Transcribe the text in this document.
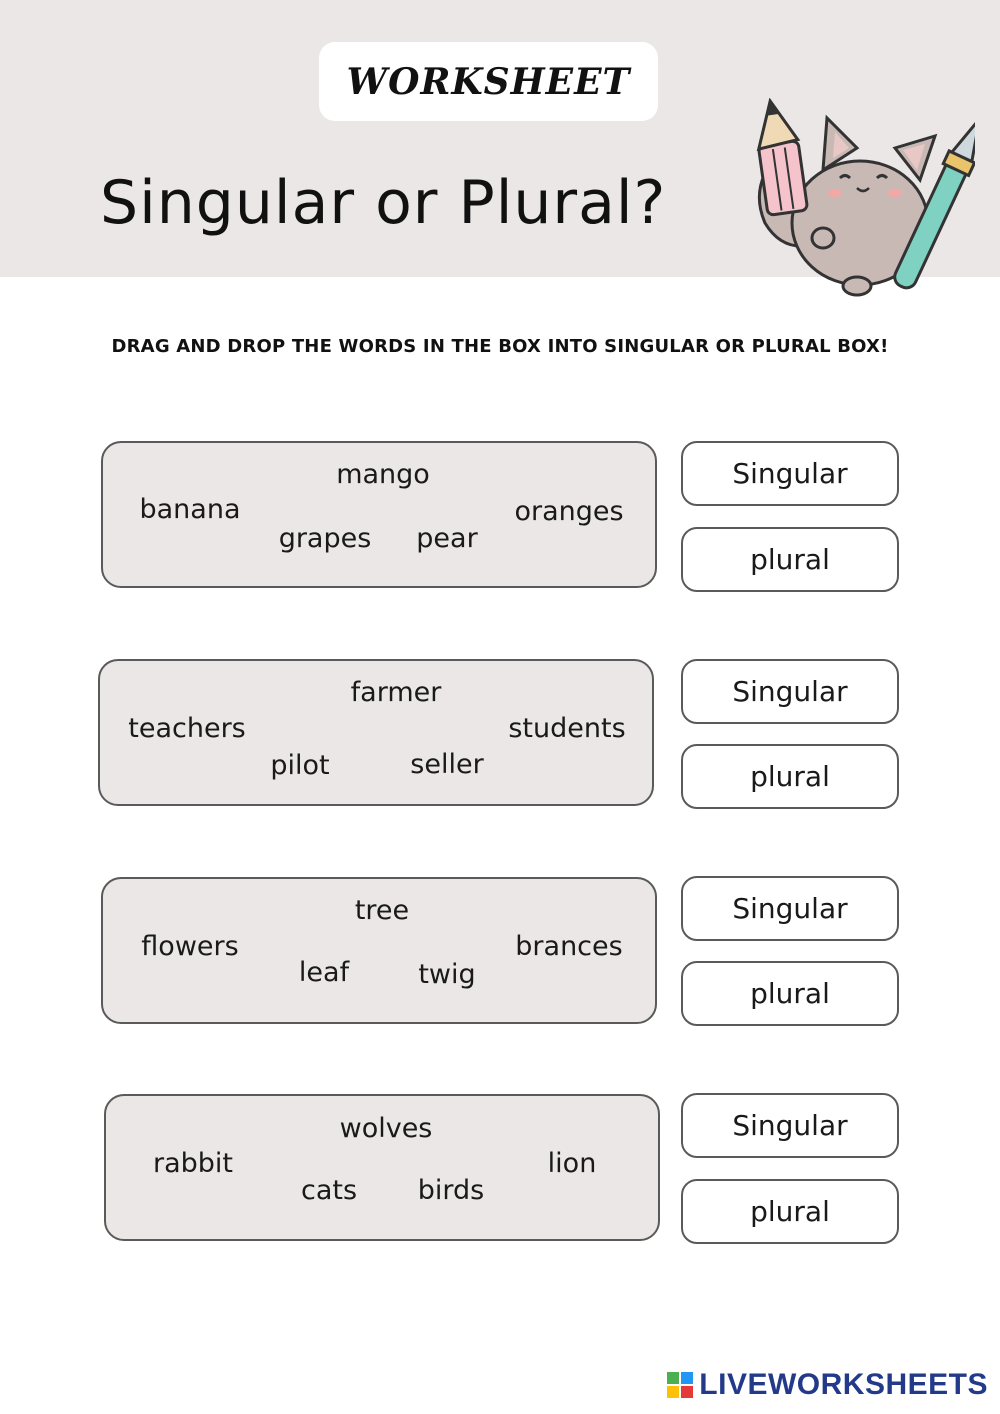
WORKSHEET
Singular or Plural?
DRAG AND DROP THE WORDS IN THE BOX INTO SINGULAR OR PLURAL BOX!
mango
banana
grapes pear
oranges
Singular
plural
farmer
teachers
pilot	seller
students
Singular
plural
tree
flowers
leaf	twig
brances
Singular
plural
wolves
rabbit
cats birds
lion
Singular
plural
LIVEWORKSHEETS
